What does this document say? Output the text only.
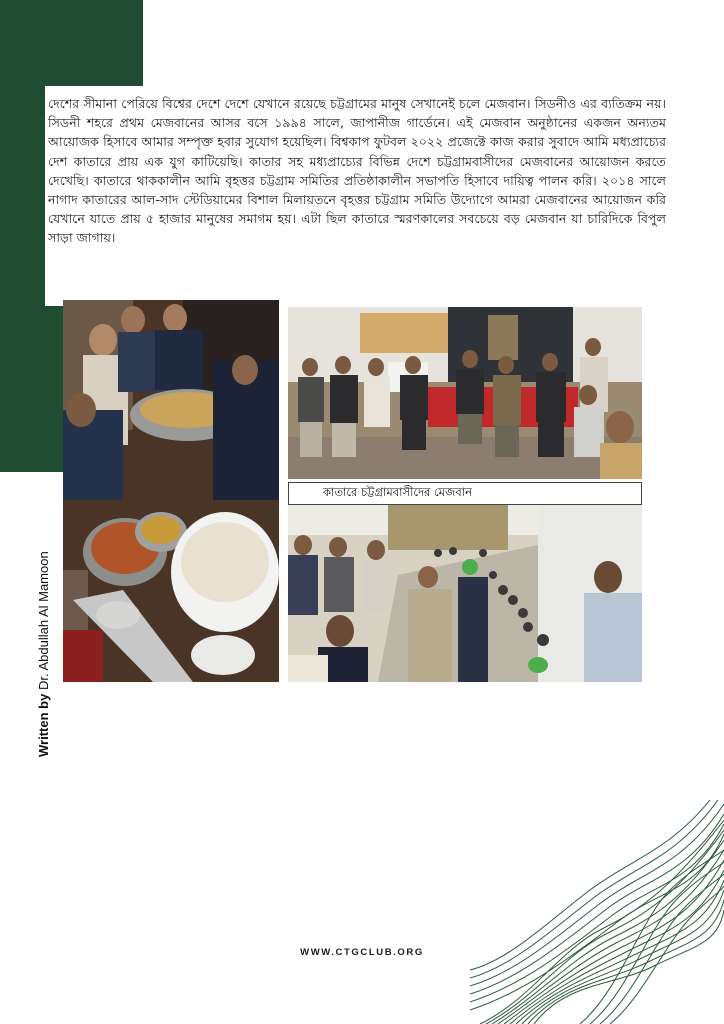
দেশের সীমানা পেরিয়ে বিশ্বের দেশে দেশে যেখানে রয়েছে চট্টগ্রামের মানুষ সেখানেই চলে মেজবান। সিডনীও এর ব্যতিক্রম নয়। সিডনী শহরে প্রথম মেজবানের আসর বসে ১৯৯৪ সালে, জাপানীজ গার্ডেনে। এই মেজবান অনুষ্ঠানের একজন অন্যতম আয়োজক হিসাবে আমার সম্পৃক্ত হবার সুযোগ হয়েছিল। বিশ্বকাপ ফুটবল ২০২২ প্রজেক্টে কাজ করার সুবাদে আমি মধ্যপ্রাচ্যের দেশ কাতারে প্রায় এক যুগ কাটিয়েছি। কাতার সহ মধ্যপ্রাচ্যের বিভিন্ন দেশে চট্টগ্রামবাসীদের মেজবানের আয়োজন করতে দেখেছি। কাতারে থাককালীন আমি বৃহত্তর চট্টগ্রাম সমিতির প্রতিষ্ঠাকালীন সভাপতি হিসাবে দায়িত্ব পালন করি। ২০১৪ সালে নাগাদ কাতারের আল-সাদ স্টেডিয়ামের বিশাল মিলায়তনে বৃহত্তর চট্টগ্রাম সমিতি উদ্যোগে আমরা মেজবানের আয়োজন করি যেখানে যাতে প্রায় ৫ হাজার মানুষের সমাগম হয়। এটা ছিল কাতারে স্মরণকালের সবচেয়ে বড় মেজবান যা চারিদিকে বিপুল সাড়া জাগায়।
Written by Dr. Abdullah Al Mamoon
কাতারে চট্টগ্রামবাসীদের মেজবান
WWW.CTGCLUB.ORG
